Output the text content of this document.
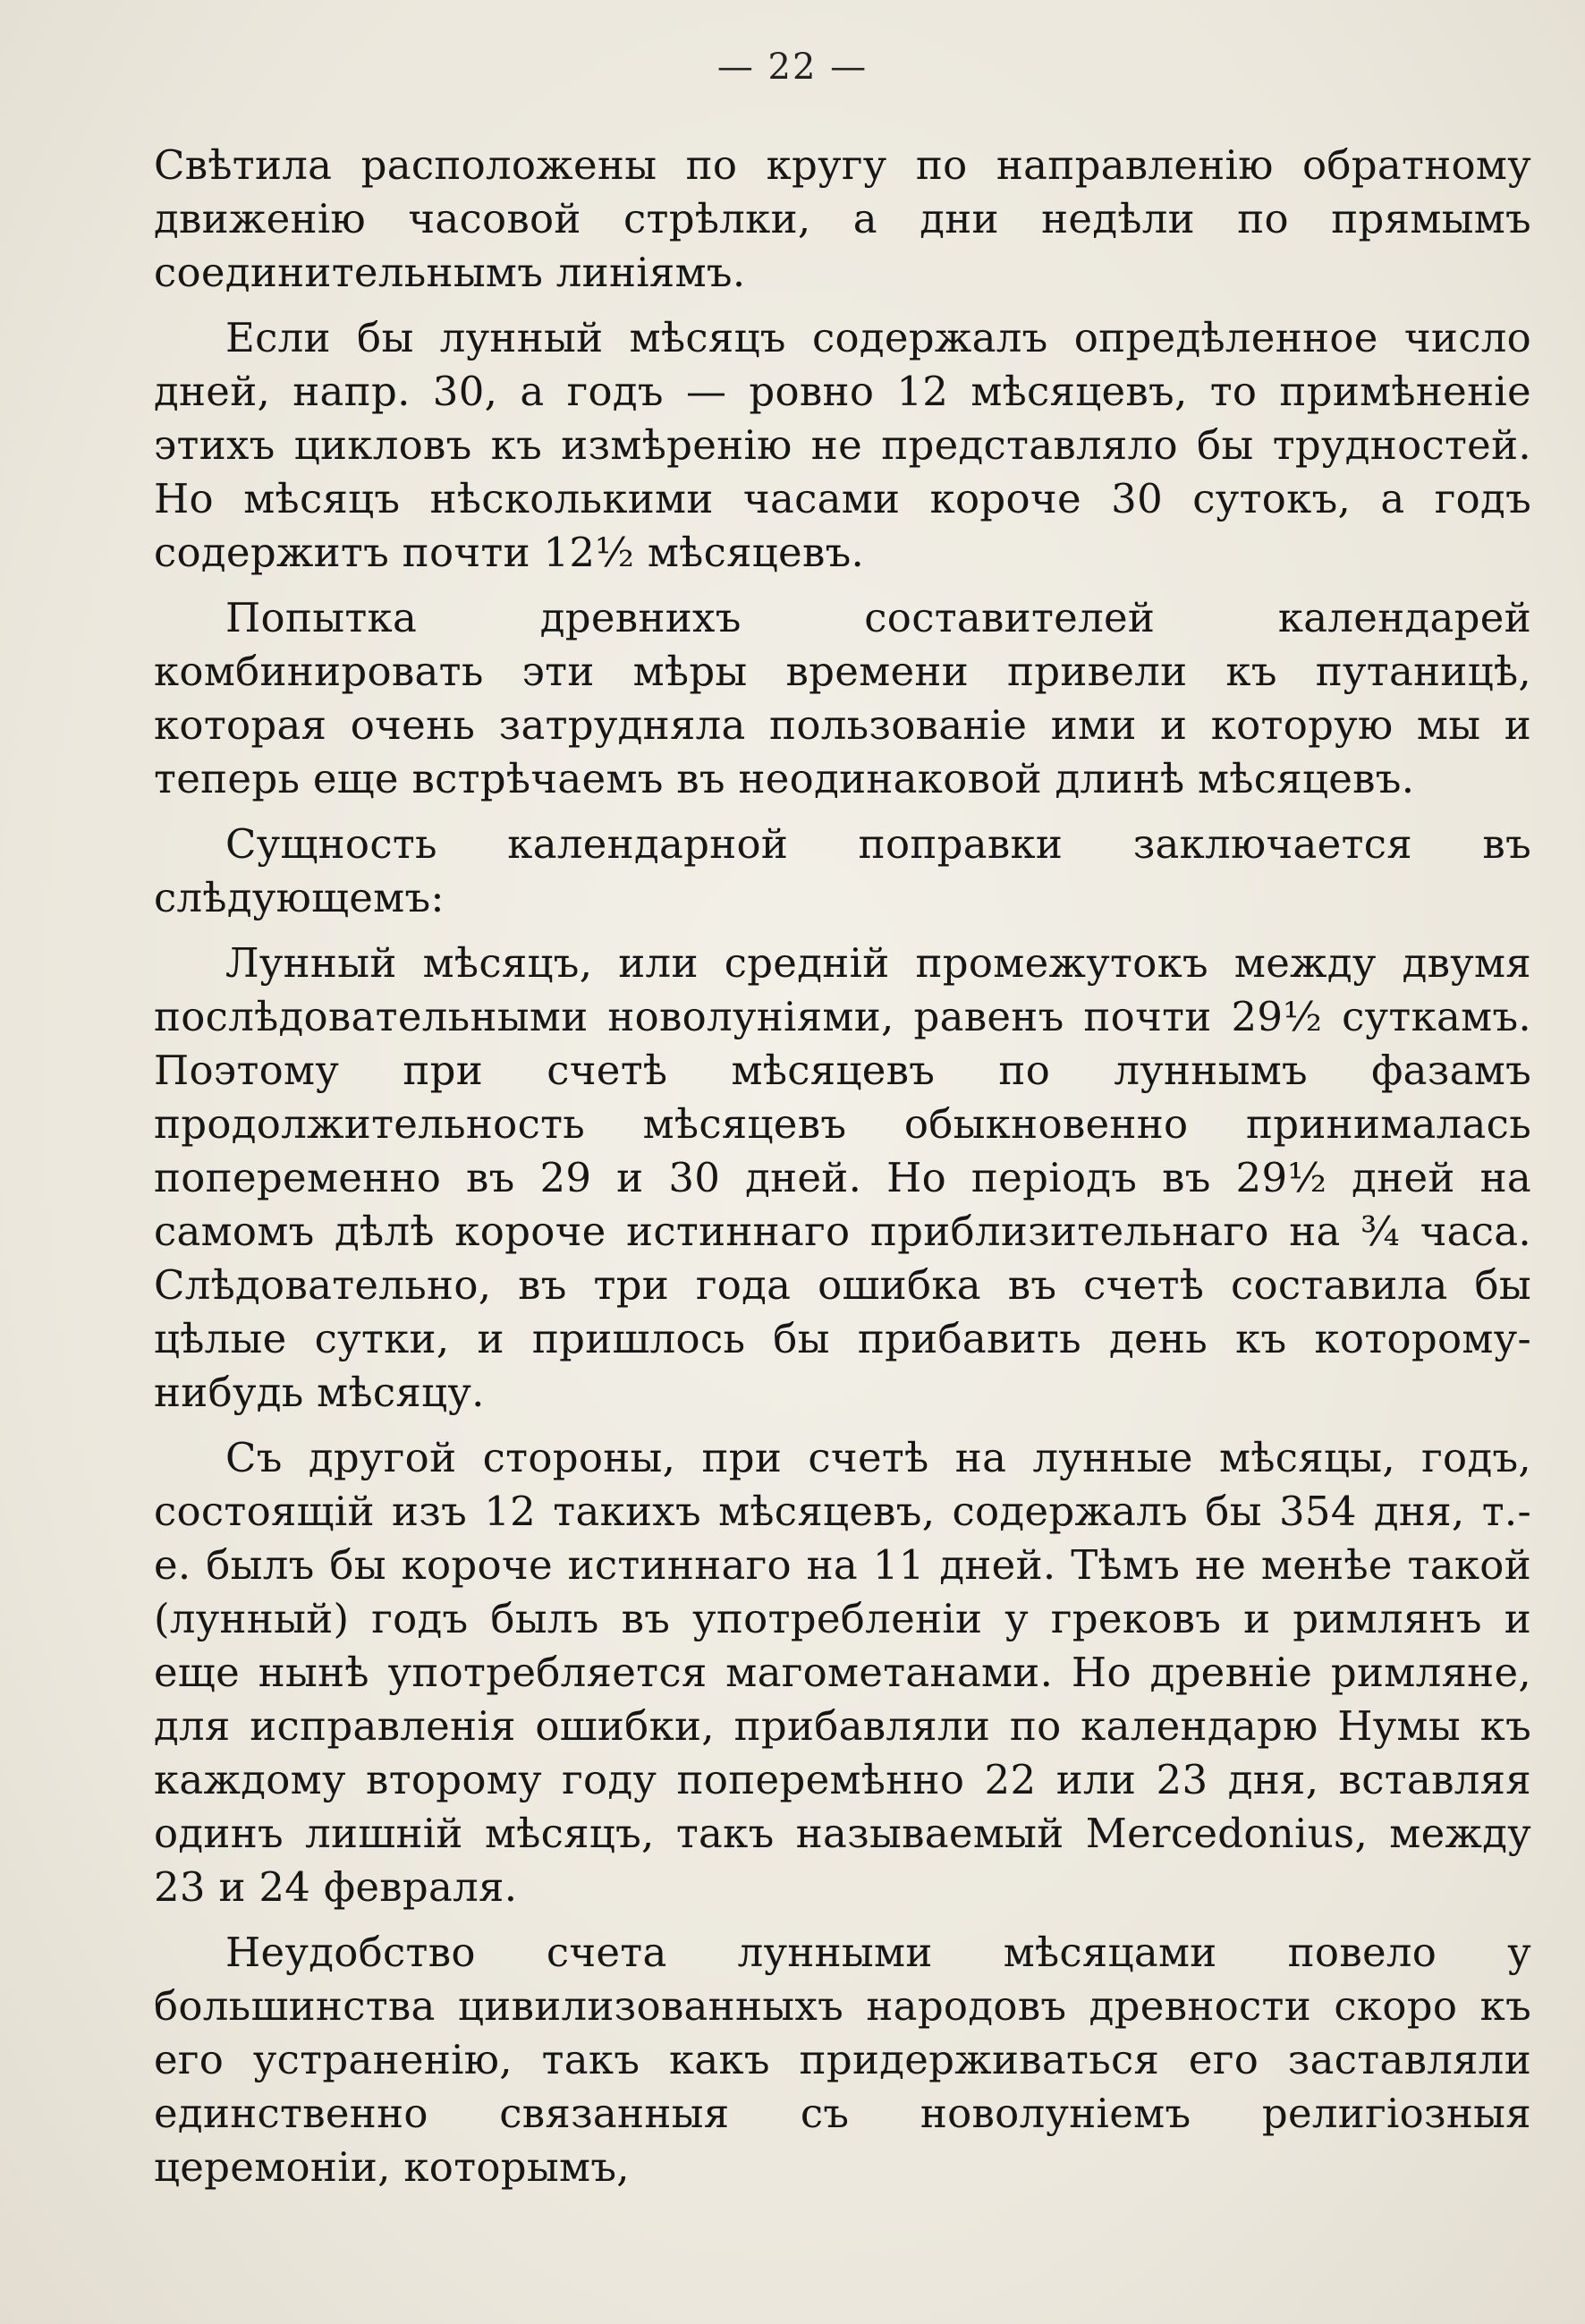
— 22 —

Свѣтила расположены по кругу по направленію обратному движенію часовой стрѣлки, а дни недѣли по прямымъ соединительнымъ линіямъ.

Если бы лунный мѣсяцъ содержалъ опредѣленное число дней, напр. 30, а годъ — ровно 12 мѣсяцевъ, то примѣненіе этихъ цикловъ къ измѣренію не представляло бы трудностей. Но мѣсяцъ нѣсколькими часами короче 30 сутокъ, а годъ содержитъ почти 12½ мѣсяцевъ.

Попытка древнихъ составителей календарей комбинировать эти мѣры времени привели къ путаницѣ, которая очень затрудняла пользованіе ими и которую мы и теперь еще встрѣчаемъ въ неодинаковой длинѣ мѣсяцевъ.

Сущность календарной поправки заключается въ слѣдующемъ:

Лунный мѣсяцъ, или средній промежутокъ между двумя послѣдовательными новолуніями, равенъ почти 29½ суткамъ. Поэтому при счетѣ мѣсяцевъ по луннымъ фазамъ продолжительность мѣсяцевъ обыкновенно принималась попеременно въ 29 и 30 дней. Но періодъ въ 29½ дней на самомъ дѣлѣ короче истиннаго приблизительнаго на ¾ часа. Слѣдовательно, въ три года ошибка въ счетѣ составила бы цѣлые сутки, и пришлось бы прибавить день къ которому-нибудь мѣсяцу.

Съ другой стороны, при счетѣ на лунные мѣсяцы, годъ, состоящій изъ 12 такихъ мѣсяцевъ, содержалъ бы 354 дня, т.-е. былъ бы короче истиннаго на 11 дней. Тѣмъ не менѣе такой (лунный) годъ былъ въ употребленіи у грековъ и римлянъ и еще нынѣ употребляется магометанами. Но древніе римляне, для исправленія ошибки, прибавляли по календарю Нумы къ каждому второму году поперемѣнно 22 или 23 дня, вставляя одинъ лишній мѣсяцъ, такъ называемый Mercedonius, между 23 и 24 февраля.

Неудобство счета лунными мѣсяцами повело у большинства цивилизованныхъ народовъ древности скоро къ его устраненію, такъ какъ придерживаться его заставляли единственно связанныя съ новолуніемъ религіозныя церемоніи, которымъ,
